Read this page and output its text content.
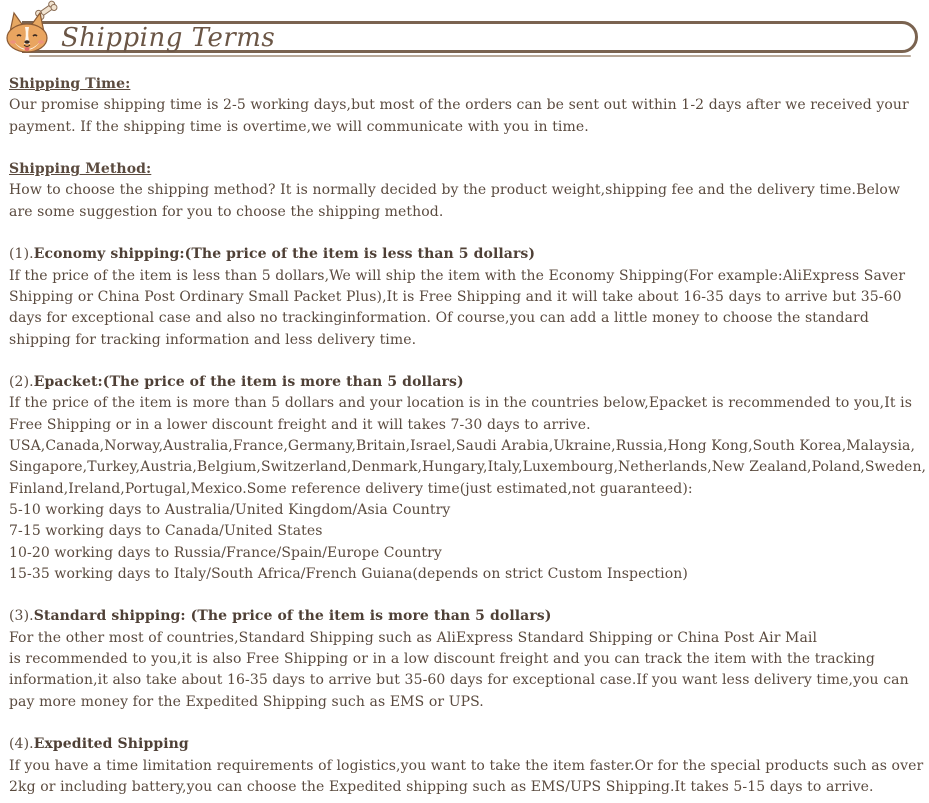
Shipping Terms

Shipping Time:

Our promise shipping time is 2-5 working days,but most of the orders can be sent out within 1-2 days after we received your payment. If the shipping time is overtime,we will communicate with you in time.

Shipping Method:

How to choose the shipping method? It is normally decided by the product weight,shipping fee and the delivery time.Below are some suggestion for you to choose the shipping method.

(1).Economy shipping:(The price of the item is less than 5 dollars)

If the price of the item is less than 5 dollars,We will ship the item with the Economy Shipping(For example:AliExpress Saver Shipping or China Post Ordinary Small Packet Plus),It is Free Shipping and it will take about 16-35 days to arrive but 35-60 days for exceptional case and also no trackinginformation. Of course,you can add a little money to choose the standard shipping for tracking information and less delivery time.

(2).Epacket:(The price of the item is more than 5 dollars)

If the price of the item is more than 5 dollars and your location is in the countries below,Epacket is recommended to you,It is Free Shipping or in a lower discount freight and it will takes 7-30 days to arrive.

USA,Canada,Norway,Australia,France,Germany,Britain,Israel,Saudi Arabia,Ukraine,Russia,Hong Kong,South Korea,Malaysia, Singapore,Turkey,Austria,Belgium,Switzerland,Denmark,Hungary,Italy,Luxembourg,Netherlands,New Zealand,Poland,Sweden, Finland,Ireland,Portugal,Mexico.Some reference delivery time(just estimated,not guaranteed):

5-10 working days to Australia/United Kingdom/Asia Country

7-15 working days to Canada/United States

10-20 working days to Russia/France/Spain/Europe Country

15-35 working days to Italy/South Africa/French Guiana(depends on strict Custom Inspection)

(3).Standard shipping: (The price of the item is more than 5 dollars)

For the other most of countries,Standard Shipping such as AliExpress Standard Shipping or China Post Air Mail

is recommended to you,it is also Free Shipping or in a low discount freight and you can track the item with the tracking information,it also take about 16-35 days to arrive but 35-60 days for exceptional case.If you want less delivery time,you can pay more money for the Expedited Shipping such as EMS or UPS.

(4).Expedited Shipping

If you have a time limitation requirements of logistics,you want to take the item faster.Or for the special products such as over 2kg or including battery,you can choose the Expedited shipping such as EMS/UPS Shipping.It takes 5-15 days to arrive.
